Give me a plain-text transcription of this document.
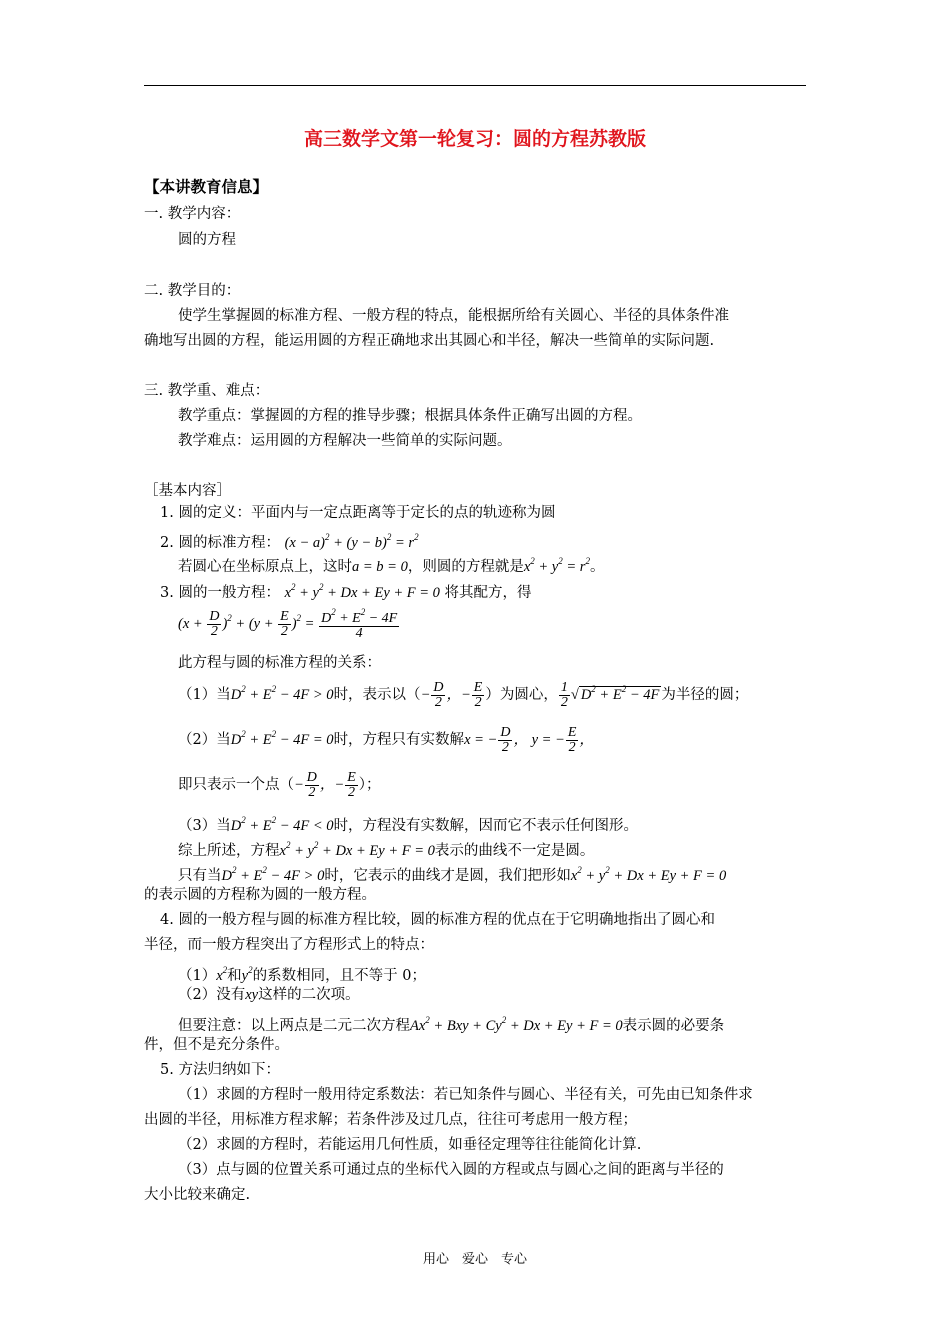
高三数学文第一轮复习：圆的方程苏教版
【本讲教育信息】
一. 教学内容：
圆的方程
二. 教学目的：
使学生掌握圆的标准方程、一般方程的特点，能根据所给有关圆心、半径的具体条件准
确地写出圆的方程，能运用圆的方程正确地求出其圆心和半径，解决一些简单的实际问题.
三. 教学重、难点：
教学重点：掌握圆的方程的推导步骤；根据具体条件正确写出圆的方程。
教学难点：运用圆的方程解决一些简单的实际问题。
［基本内容］
1. 圆的定义：平面内与一定点距离等于定长的点的轨迹称为圆
2. 圆的标准方程： $(x - a)^2 + (y - b)^2 = r^2$
若圆心在坐标原点上，这时a = b = 0，则圆的方程就是$x^2 + y^2 = r^2$。
3. 圆的一般方程： $x^2 + y^2 + Dx + Ey + F = 0$ 将其配方，得
$(x + \frac{D}{2} )^2 + (y + \frac{E}{2} )^2 = \frac{D^2 + E^2 - 4F}{4}$
此方程与圆的标准方程的关系：
（1）当$D^2 + E^2 - 4F > 0$时，表示以（− $\frac{D}{2}$ ，− $\frac{E}{2}$ ）为圆心， $\frac{1}{2}$ √ $D^2 + E^2 - 4F$ 为半径的圆；
（2）当$D^2 + E^2 - 4F = 0$时，方程只有实数解x = − $\frac{D}{2}$ ， y = − $\frac{E}{2}$ ，
即只表示一个点（− $\frac{D}{2}$ ，− $\frac{E}{2}$ ）；
（3）当$D^2 + E^2 - 4F < 0$时，方程没有实数解，因而它不表示任何图形。
综上所述，方程$x^2 + y^2 + Dx + Ey + F = 0$表示的曲线不一定是圆。
只有当$D^2 + E^2 - 4F > 0$时，它表示的曲线才是圆，我们把形如$x^2 + y^2 + Dx + Ey + F = 0$
的表示圆的方程称为圆的一般方程。
4. 圆的一般方程与圆的标准方程比较，圆的标准方程的优点在于它明确地指出了圆心和
半径，而一般方程突出了方程形式上的特点：
$(1)x^2$和$y^2$的系数相同，且不等于 0；
（2）没有xy这样的二次项。
但要注意：以上两点是二元二次方程$Ax^2$ + Bxy + $Cy^2 + Dx + Ey + F = 0$表示圆的必要条
件，但不是充分条件。
5. 方法归纳如下：
（1）求圆的方程时一般用待定系数法：若已知条件与圆心、半径有关，可先由已知条件求
出圆的半径，用标准方程求解；若条件涉及过几点，往往可考虑用一般方程；
（2）求圆的方程时，若能运用几何性质，如垂径定理等往往能简化计算.
（3）点与圆的位置关系可通过点的坐标代入圆的方程或点与圆心之间的距离与半径的
大小比较来确定.
用心　爱心　专心
